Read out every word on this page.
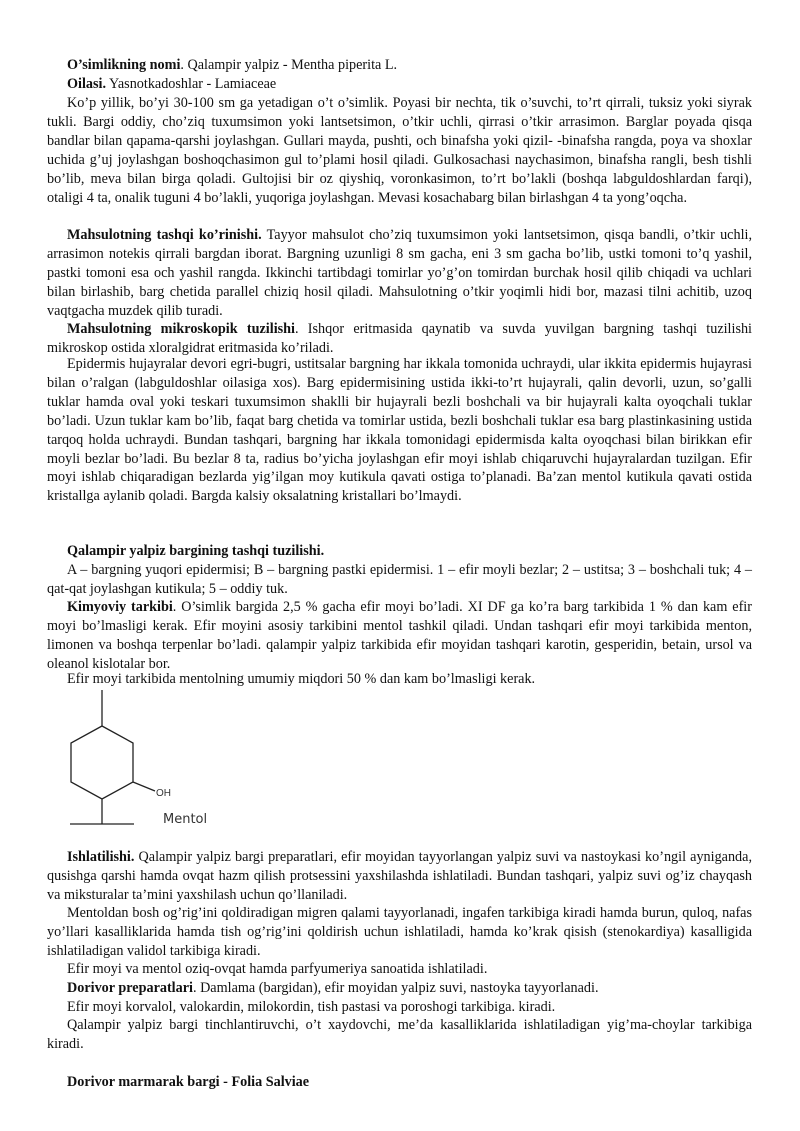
O’simlikning nomi. Qalampir yalpiz - Mentha piperita L.

Oilasi. Yasnotkadoshlar - Lamiaceae

Ko’p yillik, bo’yi 30-100 sm ga yetadigan o’t o’simlik. Poyasi bir nechta, tik o’suvchi, to’rt qirrali, tuksiz yoki siyrak tukli. Bargi oddiy, cho’ziq tuxumsimon yoki lantsetsimon, o’tkir uchli, qirrasi o’tkir arrasimon. Barglar poyada qisqa bandlar bilan qapama-qarshi joylashgan. Gullari mayda, pushti, och binafsha yoki qizil- -binafsha rangda, poya va shoxlar uchida g’uj joylashgan boshoqchasimon gul to’plami hosil qiladi. Gulkosachasi naychasimon, binafsha rangli, besh tishli bo’lib, meva bilan birga qoladi. Gultojisi bir oz qiyshiq, voronkasimon, to’rt bo’lakli (boshqa labguldoshlardan farqi), otaligi 4 ta, onalik tuguni 4 bo’lakli, yuqoriga joylashgan. Mevasi kosachabarg bilan birlashgan 4 ta yong’oqcha.

Mahsulotning tashqi ko’rinishi. Tayyor mahsulot cho’ziq tuxumsimon yoki lantsetsimon, qisqa bandli, o’tkir uchli, arrasimon notekis qirrali bargdan iborat. Bargning uzunligi 8 sm gacha, eni 3 sm gacha bo’lib, ustki tomoni to’q yashil, pastki tomoni esa och yashil rangda. Ikkinchi tartibdagi tomirlar yo’g’on tomirdan burchak hosil qilib chiqadi va uchlari bilan birlashib, barg chetida parallel chiziq hosil qiladi. Mahsulotning o’tkir yoqimli hidi bor, mazasi tilni achitib, uzoq vaqtgacha muzdek qilib turadi.

Mahsulotning mikroskopik tuzilishi. Ishqor eritmasida qaynatib va suvda yuvilgan bargning tashqi tuzilishi mikroskop ostida xloralgidrat eritmasida ko’riladi.

Epidermis hujayralar devori egri-bugri, ustitsalar bargning har ikkala tomonida uchraydi, ular ikkita epidermis hujayrasi bilan o’ralgan (labguldoshlar oilasiga xos). Barg epidermisining ustida ikki-to’rt hujayrali, qalin devorli, uzun, so’galli tuklar hamda oval yoki teskari tuxumsimon shaklli bir hujayrali bezli boshchali va bir hujayrali kalta oyoqchali tuklar bo’ladi. Uzun tuklar kam bo’lib, faqat barg chetida va tomirlar ustida, bezli boshchali tuklar esa barg plastinkasining ustida tarqoq holda uchraydi. Bundan tashqari, bargning har ikkala tomonidagi epidermisda kalta oyoqchasi bilan birikkan efir moyli bezlar bo’ladi. Bu bezlar 8 ta, radius bo’yicha joylashgan efir moyi ishlab chiqaruvchi hujayralardan tuzilgan. Efir moyi ishlab chiqaradigan bezlarda yig’ilgan moy kutikula qavati ostiga to’planadi. Ba’zan mentol kutikula qavati ostida kristallga aylanib qoladi. Bargda kalsiy oksalatning kristallari bo’lmaydi.

Qalampir yalpiz bargining tashqi tuzilishi.

A – bargning yuqori epidermisi; B – bargning pastki epidermisi. 1 – efir moyli bezlar; 2 – ustitsa; 3 – boshchali tuk; 4 – qat-qat joylashgan kutikula; 5 – oddiy tuk.

Kimyoviy tarkibi. O’simlik bargida 2,5 % gacha efir moyi bo’ladi. XI DF ga ko’ra barg tarkibida 1 % dan kam efir moyi bo’lmasligi kerak. Efir moyini asosiy tarkibini mentol tashkil qiladi. Undan tashqari efir moyi tarkibida menton, limonen va boshqa terpenlar bo’ladi. qalampir yalpiz tarkibida efir moyidan tashqari karotin, gesperidin, betain, ursol va oleanol kislotalar bor.

Efir moyi tarkibida mentolning umumiy miqdori 50 % dan kam bo’lmasligi kerak.

OH
Mentol

Ishlatilishi. Qalampir yalpiz bargi preparatlari, efir moyidan tayyorlangan yalpiz suvi va nastoykasi ko’ngil ayniganda, qusishga qarshi hamda ovqat hazm qilish protsessini yaxshilashda ishlatiladi. Bundan tashqari, yalpiz suvi og’iz chayqash va miksturalar ta’mini yaxshilash uchun qo’llaniladi.

Mentoldan bosh og’rig’ini qoldiradigan migren qalami tayyorlanadi, ingafen tarkibiga kiradi hamda burun, quloq, nafas yo’llari kasalliklarida hamda tish og’rig’ini qoldirish uchun ishlatiladi, hamda ko’krak qisish (stenokardiya) kasalligida ishlatiladigan validol tarkibiga kiradi.

Efir moyi va mentol oziq-ovqat hamda parfyumeriya sanoatida ishlatiladi.

Dorivor preparatlari. Damlama (bargidan), efir moyidan yalpiz suvi, nastoyka tayyorlanadi.

Efir moyi korvalol, valokardin, milokordin, tish pastasi va poroshogi tarkibiga. kiradi.

Qalampir yalpiz bargi tinchlantiruvchi, o’t xaydovchi, me’da kasalliklarida ishlatiladigan yig’ma-choylar tarkibiga kiradi.

Dorivor marmarak bargi - Folia Salviae
